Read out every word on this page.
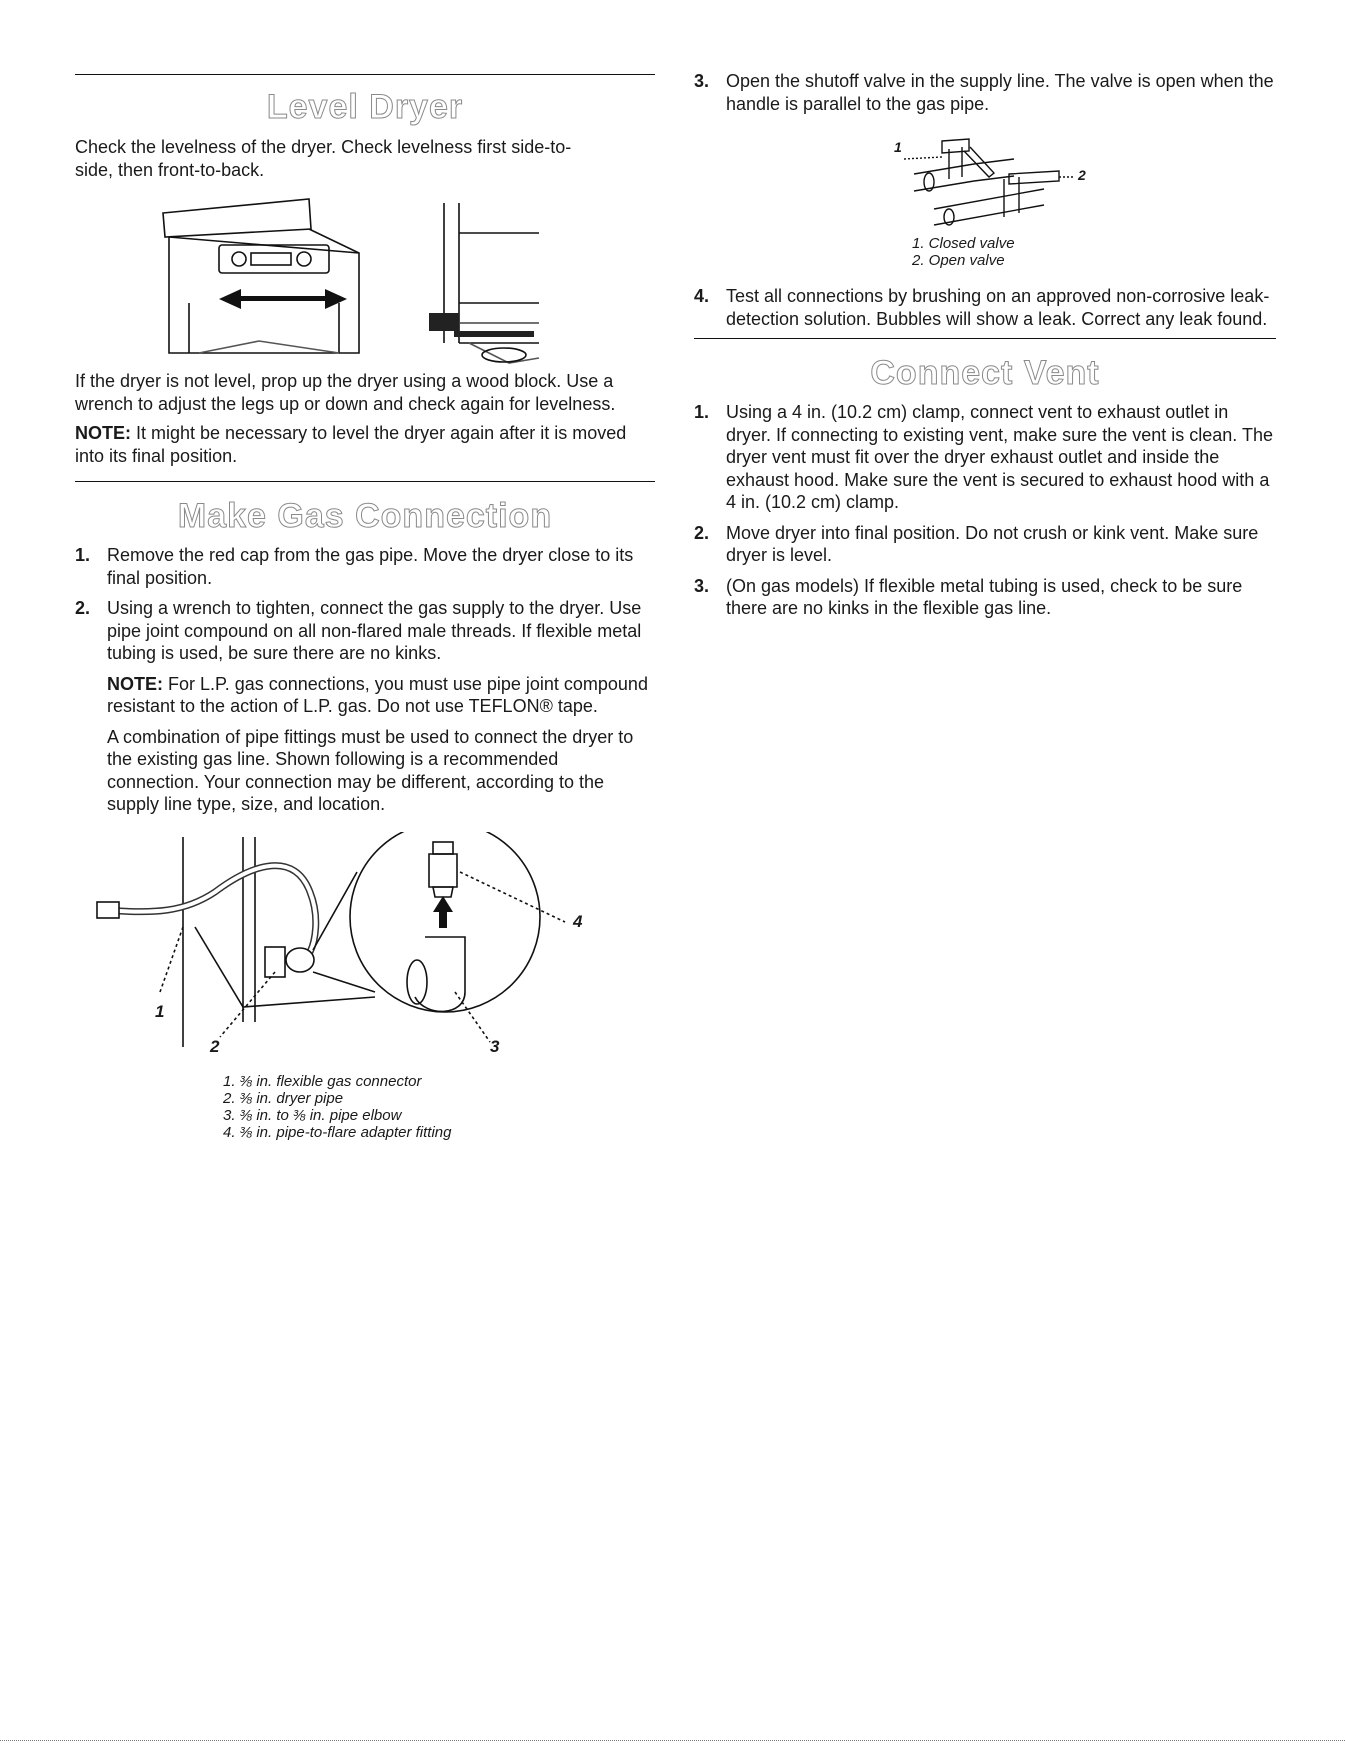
Level Dryer

Check the levelness of the dryer. Check levelness first side-to-side, then front-to-back.

If the dryer is not level, prop up the dryer using a wood block. Use a wrench to adjust the legs up or down and check again for levelness.

NOTE: It might be necessary to level the dryer again after it is moved into its final position.

Make Gas Connection
1. Remove the red cap from the gas pipe. Move the dryer close to its final position.
2. Using a wrench to tighten, connect the gas supply to the dryer. Use pipe joint compound on all non-flared male threads. If flexible metal tubing is used, be sure there are no kinks.

NOTE: For L.P. gas connections, you must use pipe joint compound resistant to the action of L.P. gas. Do not use TEFLON® tape.

A combination of pipe fittings must be used to connect the dryer to the existing gas line. Shown following is a recommended connection. Your connection may be different, according to the supply line type, size, and location.

1
2	3
4
1. ⅜ in. flexible gas connector
2. ⅜ in. dryer pipe
3. ⅜ in. to ⅜ in. pipe elbow
4. ⅜ in. pipe-to-flare adapter fitting
3. Open the shutoff valve in the supply line. The valve is open when the handle is parallel to the gas pipe.
1
2
1. Closed valve
2. Open valve
4. Test all connections by brushing on an approved non-corrosive leak-detection solution. Bubbles will show a leak. Correct any leak found.
Connect Vent
1. Using a 4 in. (10.2 cm) clamp, connect vent to exhaust outlet in dryer. If connecting to existing vent, make sure the vent is clean. The dryer vent must fit over the dryer exhaust outlet and inside the exhaust hood. Make sure the vent is secured to exhaust hood with a 4 in. (10.2 cm) clamp.
2. Move dryer into final position. Do not crush or kink vent. Make sure dryer is level.
3. (On gas models) If flexible metal tubing is used, check to be sure there are no kinks in the flexible gas line.
